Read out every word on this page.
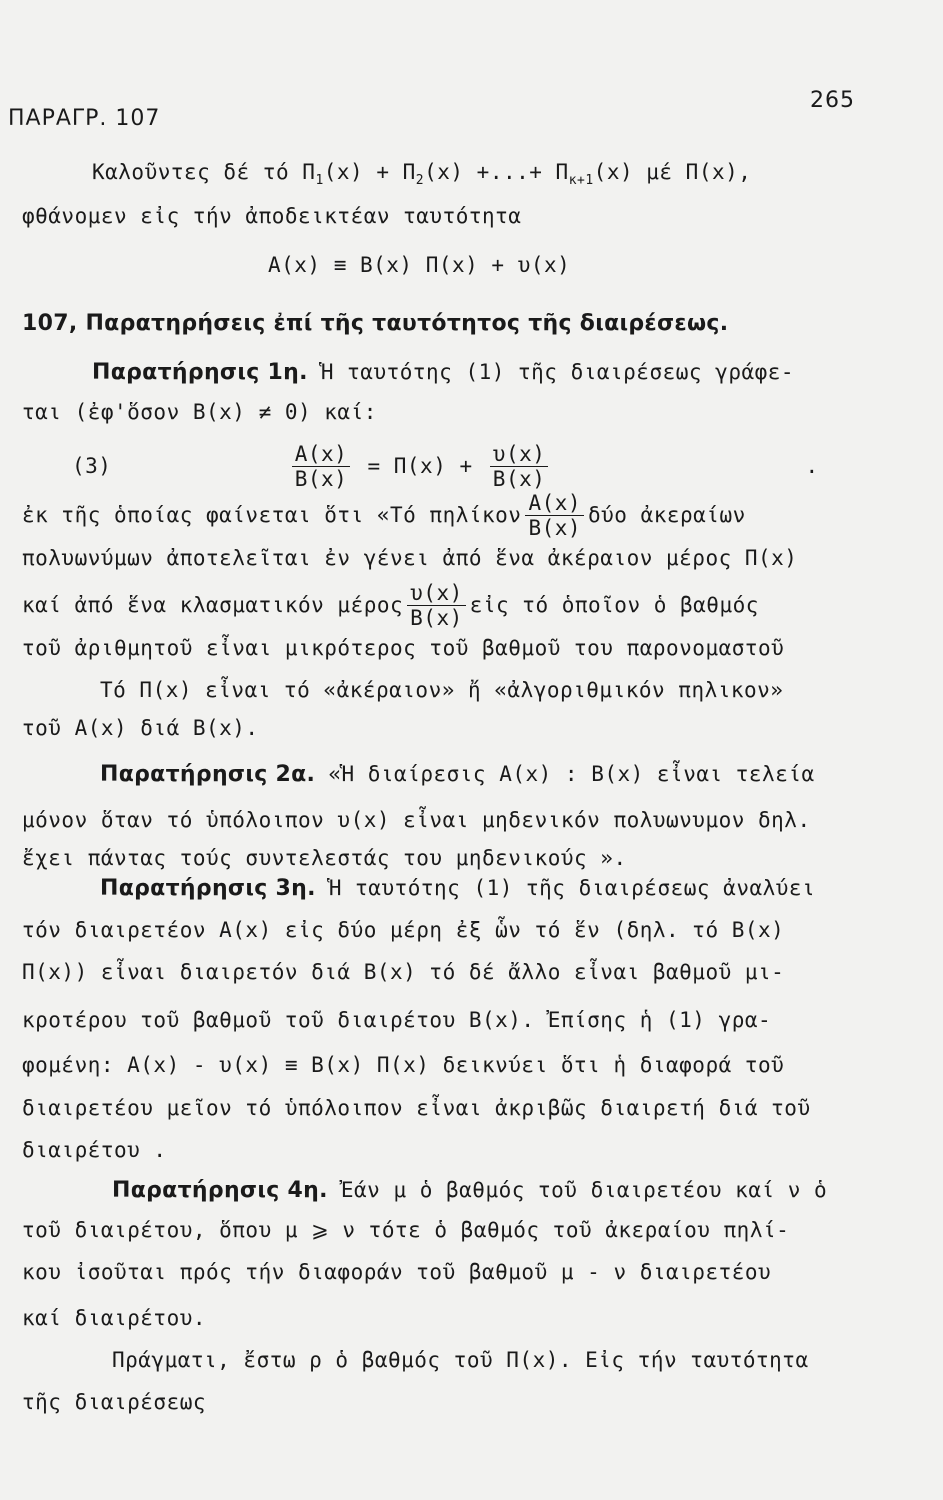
ΠΑΡΑΓΡ. 107
265
Καλοῦντες δέ τό $\Pi_1(x) + \Pi_2(x)$ +...+ $\Pi_{\kappa+1}(x)$ μέ Π(x),
φθάνομεν εἰς τήν ἀποδεικτέαν ταυτότητα
A(x) ≡ B(x) Π(x) + υ(x)
107, Παρατηρήσεις ἐπί τῆς ταυτότητος τῆς διαιρέσεως.
Παρατήρησις 1η. Ἡ ταυτότης (1) τῆς διαιρέσεως γράφε-
ται (ἐφ'ὅσον B(x) ≠ 0) καί:
(3)	$\frac{A(x)}{B(x)} = \Pi(x) + \frac{\upsilon(x)}{B(x)}$	.
ἐκ τῆς ὁποίας φαίνεται ὅτι «Τό πηλίκον $\frac{A(x)}{B(x)}$ δύο ἀκεραίων
πολυωνύμων ἀποτελεῖται ἐν γένει ἀπό ἕνα ἀκέραιον μέρος Π(x)
καί ἀπό ἕνα κλασματικόν μέρος $\frac{\upsilon(x)}{B(x)}$ εἰς τό ὁποῖον ὁ βαθμός
τοῦ ἀριθμητοῦ εἶναι μικρότερος τοῦ βαθμοῦ του παρονομαστοῦ
Τό Π(x) εἶναι τό «ἀκέραιον» ἤ «ἀλγοριθμικόν πηλικον»
τοῦ A(x) διά B(x).
Παρατήρησις 2α. «Ἡ διαίρεσις A(x) : B(x) εἶναι τελεία
μόνον ὅταν τό ὑπόλοιπον υ(x) εἶναι μηδενικόν πολυωνυμον δηλ.
ἔχει πάντας τούς συντελεστάς του μηδενικούς ».
Παρατήρησις 3η. Ἡ ταυτότης (1) τῆς διαιρέσεως ἀναλύει
τόν διαιρετέον A(x) εἰς δύο μέρη ἐξ ὧν τό ἕν (δηλ. τό B(x)
Π(x)) εἶναι διαιρετόν διά B(x) τό δέ ἄλλο εἶναι βαθμοῦ μι-
κροτέρου τοῦ βαθμοῦ τοῦ διαιρέτου B(x). Ἐπίσης ἡ (1) γρα-
φομένη: A(x) - υ(x) ≡ B(x) Π(x) δεικνύει ὅτι ἡ διαφορά τοῦ
διαιρετέου μεῖον τό ὑπόλοιπον εἶναι ἀκριβῶς διαιρετή διά τοῦ
διαιρέτου .
Παρατήρησις 4η. Ἐάν μ ὁ βαθμός τοῦ διαιρετέου καί ν ὁ
τοῦ διαιρέτου, ὅπου μ ⩾ ν τότε ὁ βαθμός τοῦ ἀκεραίου πηλί-
κου ἰσοῦται πρός τήν διαφοράν τοῦ βαθμοῦ μ - ν διαιρετέου
καί διαιρέτου.
Πράγματι, ἔστω ρ ὁ βαθμός τοῦ Π(x). Εἰς τήν ταυτότητα
τῆς διαιρέσεως
